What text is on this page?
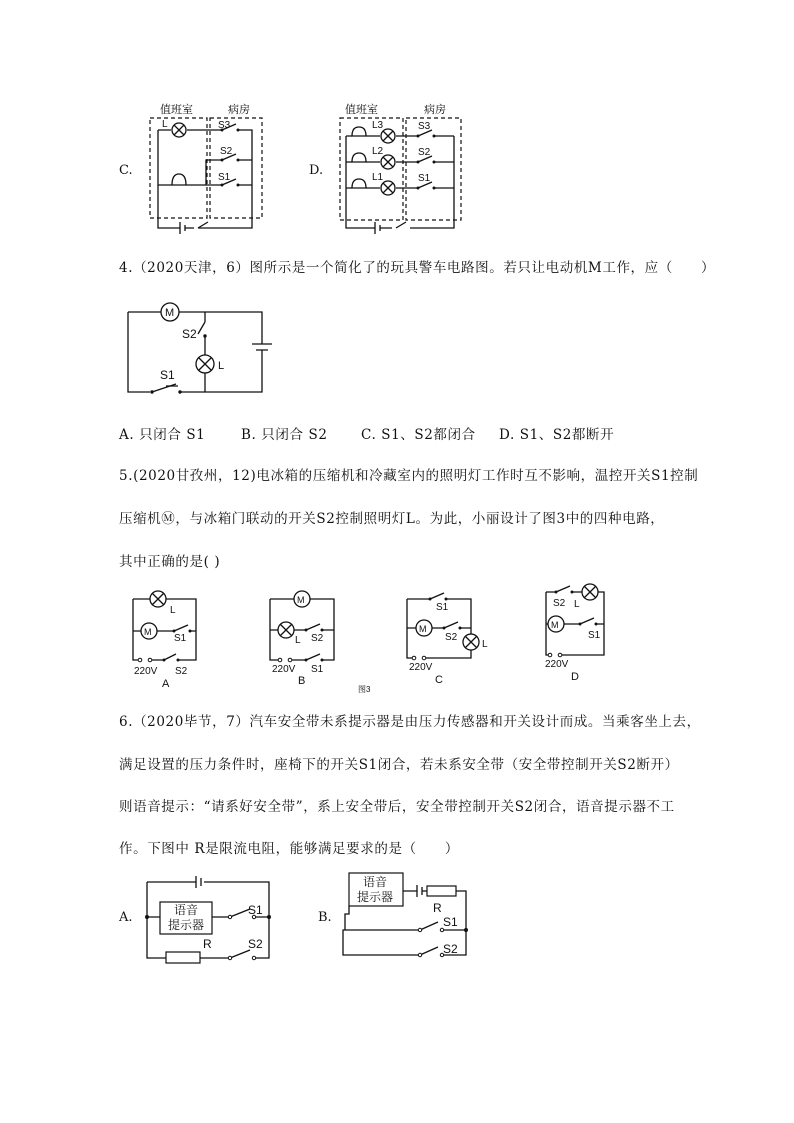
C.
值班室	病房
L	S3
S2
S1	D.
值班室	病房
L3
L2
L1
S3
S2
S1
4.（2020天津，6）图所示是一个简化了的玩具警车电路图。若只让电动机M工作，应（　　）
M
S2
L
S1
A. 只闭合 S1	B. 只闭合 S2 C. S1、S2都闭合 D. S1、S2都断开
5.(2020甘孜州，12)电冰箱的压缩机和冷藏室内的照明灯工作时互不影响，温控开关S1控制
压缩机Ⓜ，与冰箱门联动的开关S2控制照明灯L。为此，小丽设计了图3中的四种电路，
其中正确的是( )
L
M
S1
S2
220V
A
M
L S2
S1
220V
B
S1
M
S2
L
220V
C
S2 L
M
S1
220V
D
图3
6.（2020毕节，7）汽车安全带未系提示器是由压力传感器和开关设计而成。当乘客坐上去，
满足设置的压力条件时，座椅下的开关S1闭合，若未系安全带（安全带控制开关S2断开）
则语音提示：“请系好安全带”，系上安全带后，安全带控制开关S2闭合，语音提示器不工
作。下图中 R是限流电阻，能够满足要求的是（　　）
A.	语音
提示器
S1
R	S2
B.
语音
提示器
R
S1
S2
